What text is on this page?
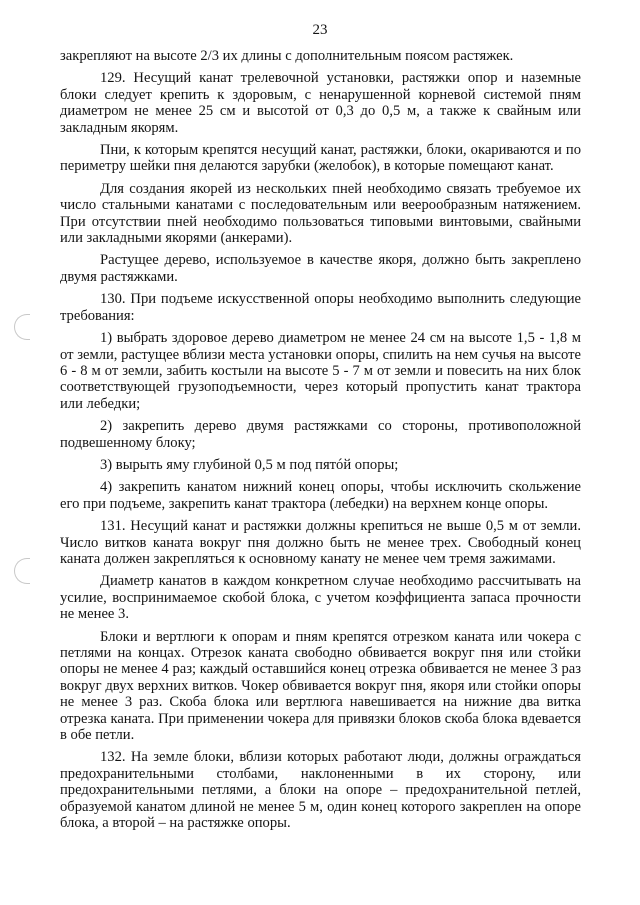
23

закрепляют на высоте 2/3 их длины с дополнительным поясом растяжек.

129. Несущий канат трелевочной установки, растяжки опор и наземные блоки следует крепить к здоровым, с ненарушенной корневой системой пням диаметром не менее 25 см и высотой от 0,3 до 0,5 м, а также к свайным или закладным якорям.

Пни, к которым крепятся несущий канат, растяжки, блоки, окариваются и по периметру шейки пня делаются зарубки (желобок), в которые помещают канат.

Для создания якорей из нескольких пней необходимо связать требуемое их число стальными канатами с последовательным или веерообразным натяжением. При отсутствии пней необходимо пользоваться типовыми винтовыми, свайными или закладными якорями (анкерами).

Растущее дерево, используемое в качестве якоря, должно быть закреплено двумя растяжками.

130. При подъеме искусственной опоры необходимо выполнить следующие требования:

1) выбрать здоровое дерево диаметром не менее 24 см на высоте 1,5 - 1,8 м от земли, растущее вблизи места установки опоры, спилить на нем сучья на высоте 6 - 8 м от земли, забить костыли на высоте 5 - 7 м от земли и повесить на них блок соответствующей грузоподъемности, через который пропустить канат трактора или лебедки;

2) закрепить дерево двумя растяжками со стороны, противоположной подвешенному блоку;

3) вырыть яму глубиной 0,5 м под пятóй опоры;

4) закрепить канатом нижний конец опоры, чтобы исключить скольжение его при подъеме, закрепить канат трактора (лебедки) на верхнем конце опоры.

131. Несущий канат и растяжки должны крепиться не выше 0,5 м от земли. Число витков каната вокруг пня должно быть не менее трех. Свободный конец каната должен закрепляться к основному канату не менее чем тремя зажимами.

Диаметр канатов в каждом конкретном случае необходимо рассчитывать на усилие, воспринимаемое скобой блока, с учетом коэффициента запаса прочности не менее 3.

Блоки и вертлюги к опорам и пням крепятся отрезком каната или чокера с петлями на концах. Отрезок каната свободно обвивается вокруг пня или стойки опоры не менее 4 раз; каждый оставшийся конец отрезка обвивается не менее 3 раз вокруг двух верхних витков. Чокер обвивается вокруг пня, якоря или стойки опоры не менее 3 раз. Скоба блока или вертлюга навешивается на нижние два витка отрезка каната. При применении чокера для привязки блоков скоба блока вдевается в обе петли.

132. На земле блоки, вблизи которых работают люди, должны ограждаться предохранительными столбами, наклоненными в их сторону, или предохранительными петлями, а блоки на опоре – предохранительной петлей, образуемой канатом длиной не менее 5 м, один конец которого закреплен на опоре блока, а второй – на растяжке опоры.
